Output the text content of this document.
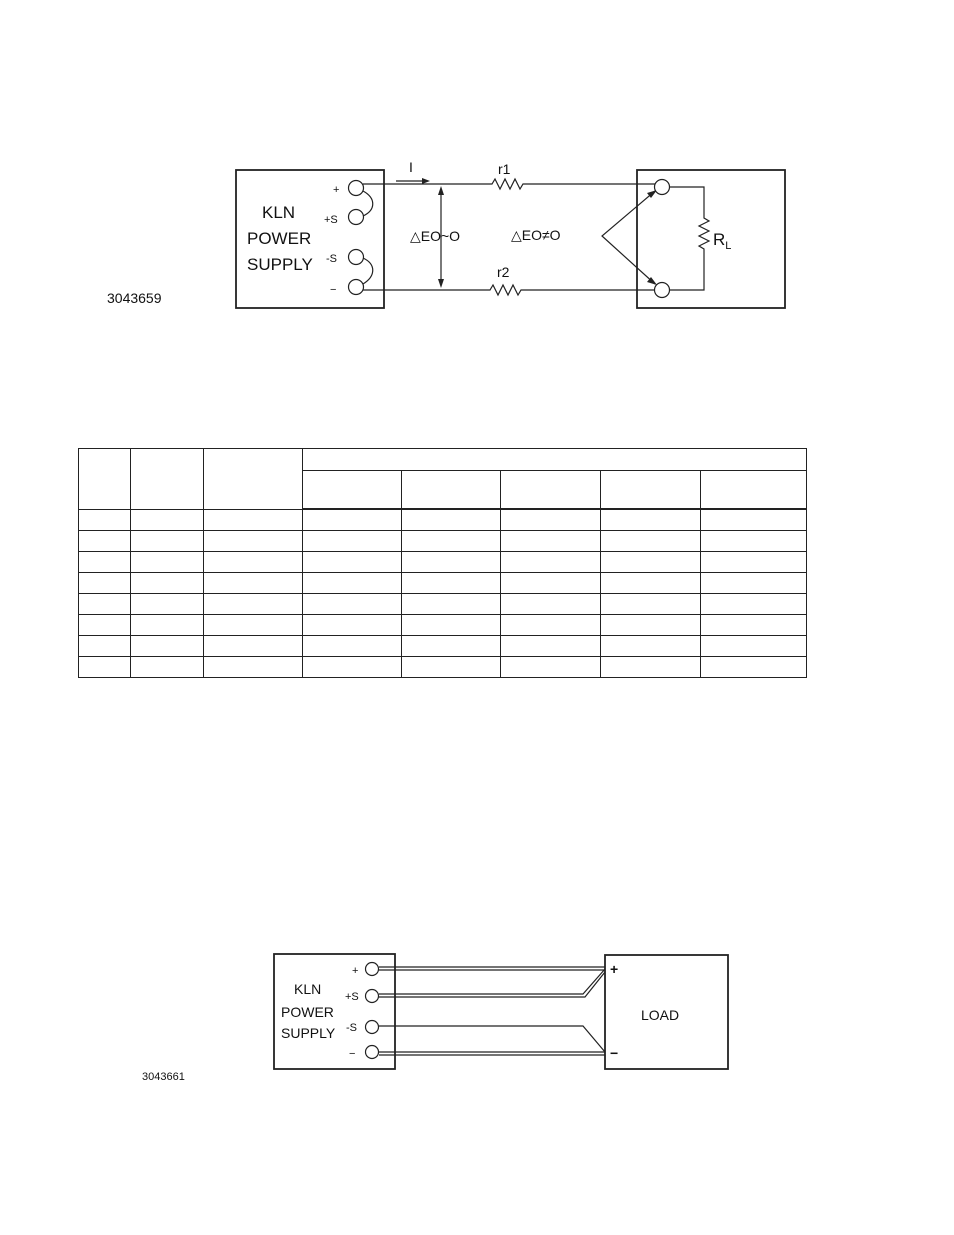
KLN
POWER
SUPPLY
+
+S
-S
−
I	r1
r2
△EO~O	△EO≠O	$R_L$
3043659

KLN
POWER
SUPPLY
+
+S
-S
−
+
−
LOAD
3043661
